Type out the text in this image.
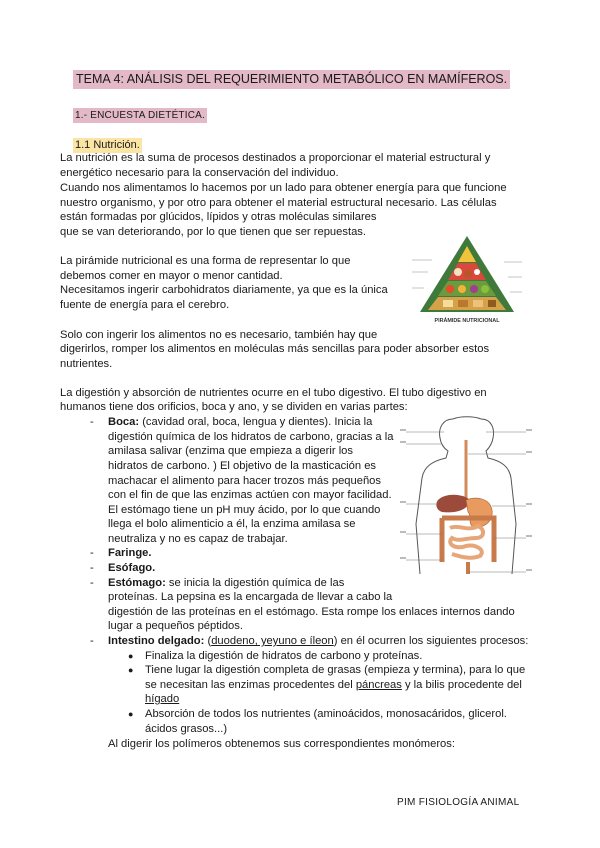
TEMA 4: ANÁLISIS DEL REQUERIMIENTO METABÓLICO EN MAMÍFEROS.
1.- ENCUESTA DIETÉTICA.
1.1 Nutrición.
La nutrición es la suma de procesos destinados a proporcionar el material estructural y
energético necesario para la conservación del individuo.
Cuando nos alimentamos lo hacemos por un lado para obtener energía para que funcione
nuestro organismo, y por otro para obtener el material estructural necesario. Las células
están formadas por glúcidos, lípidos y otras moléculas similares
que se van deteriorando, por lo que tienen que ser repuestas.
La pirámide nutricional es una forma de representar lo que
debemos comer en mayor o menor cantidad.
Necesitamos ingerir carbohidratos diariamente, ya que es la única
fuente de energía para el cerebro.
PIRÁMIDE NUTRICIONAL
Solo con ingerir los alimentos no es necesario, también hay que
digerirlos, romper los alimentos en moléculas más sencillas para poder absorber estos
nutrientes.
La digestión y absorción de nutrientes ocurre en el tubo digestivo. El tubo digestivo en
humanos tiene dos orificios, boca y ano, y se dividen en varias partes:
- Boca: (cavidad oral, boca, lengua y dientes). Inicia la
digestión química de los hidratos de carbono, gracias a la
amilasa salivar (enzima que empieza a digerir los
hidratos de carbono. ) El objetivo de la masticación es
machacar el alimento para hacer trozos más pequeños
con el fin de que las enzimas actúen con mayor facilidad.
El estómago tiene un pH muy ácido, por lo que cuando
llega el bolo alimenticio a él, la enzima amilasa se
neutraliza y no es capaz de trabajar.
- Faringe.
- Esófago.
- Estómago: se inicia la digestión química de las
proteínas. La pepsina es la encargada de llevar a cabo la
digestión de las proteínas en el estómago. Esta rompe los enlaces internos dando
lugar a pequeños péptidos.
- Intestino delgado: (duodeno, yeyuno e íleon) en él ocurren los siguientes procesos:
● Finaliza la digestión de hidratos de carbono y proteínas.
● Tiene lugar la digestión completa de grasas (empieza y termina), para lo que
se necesitan las enzimas procedentes del páncreas y la bilis procedente del
hígado
● Absorción de todos los nutrientes (aminoácidos, monosacáridos, glicerol.
ácidos grasos...)
Al digerir los polímeros obtenemos sus correspondientes monómeros:
PIM FISIOLOGÍA ANIMAL
